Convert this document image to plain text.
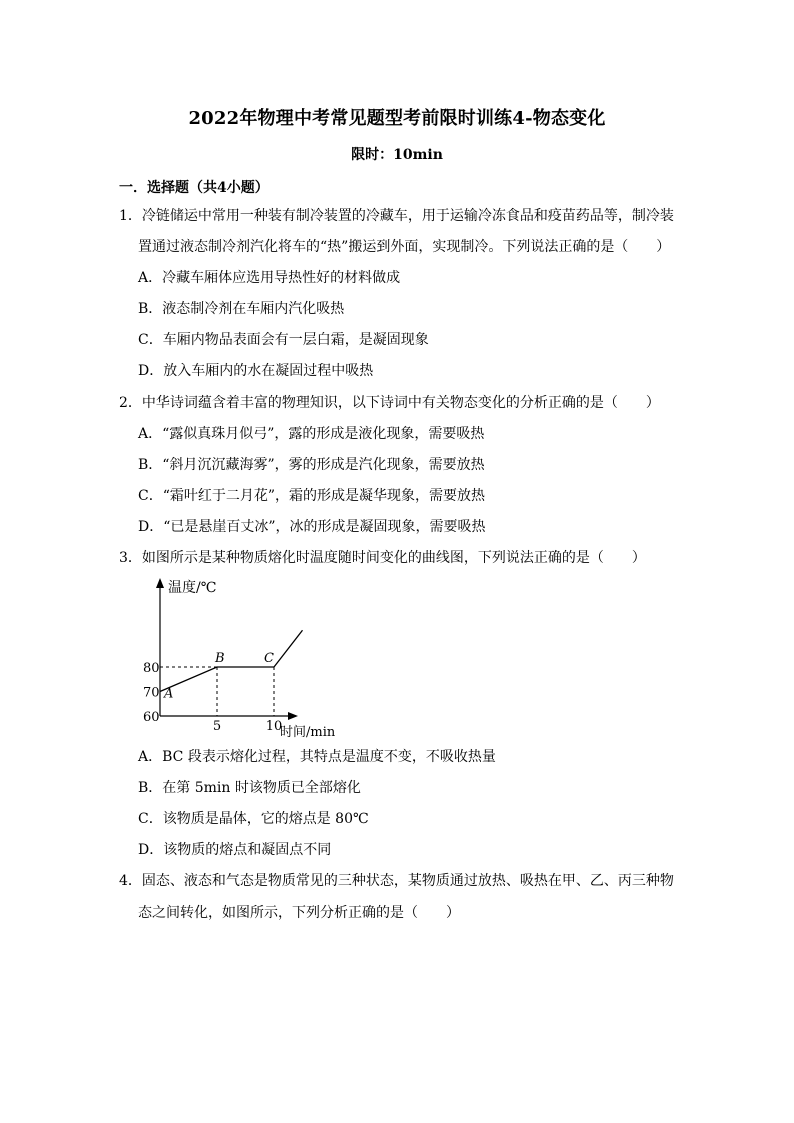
2022年物理中考常见题型考前限时训练4-物态变化
限时：10min
一．选择题（共4小题）
1．冷链储运中常用一种装有制冷装置的冷藏车，用于运输冷冻食品和疫苗药品等，制冷装
置通过液态制冷剂汽化将车的“热”搬运到外面，实现制冷。下列说法正确的是（　　）
A．冷藏车厢体应选用导热性好的材料做成
B．液态制冷剂在车厢内汽化吸热
C．车厢内物品表面会有一层白霜，是凝固现象
D．放入车厢内的水在凝固过程中吸热
2．中华诗词蕴含着丰富的物理知识，以下诗词中有关物态变化的分析正确的是（　　）
A．“露似真珠月似弓”，露的形成是液化现象，需要吸热
B．“斜月沉沉藏海雾”，雾的形成是汽化现象，需要放热
C．“霜叶红于二月花”，霜的形成是凝华现象，需要放热
D．“已是悬崖百丈冰”，冰的形成是凝固现象，需要吸热
3．如图所示是某种物质熔化时温度随时间变化的曲线图，下列说法正确的是（　　）
温度/℃
时间/min
60
70
80
5	10
A
B	C
A．BC 段表示熔化过程，其特点是温度不变，不吸收热量
B．在第 5min 时该物质已全部熔化
C．该物质是晶体，它的熔点是 80℃
D．该物质的熔点和凝固点不同
4．固态、液态和气态是物质常见的三种状态，某物质通过放热、吸热在甲、乙、丙三种物
态之间转化，如图所示，下列分析正确的是（　　）
